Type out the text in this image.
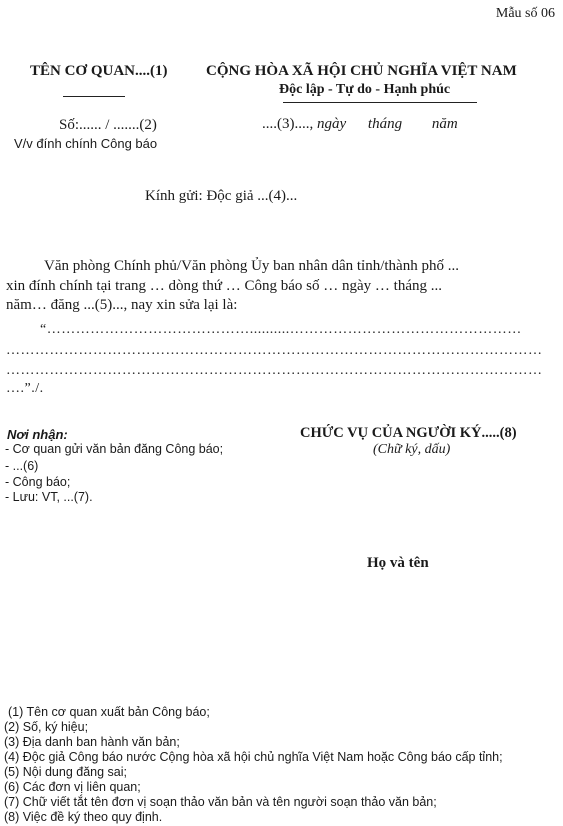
Mẫu số 06
TÊN CƠ QUAN....(1)
Số:...... / .......(2)
V/v đính chính Công báo
CỘNG HÒA XÃ HỘI CHỦ NGHĨA VIỆT NAM
Độc lập - Tự do - Hạnh phúc
....(3)...., ngày tháng năm
Kính gửi: Độc giả ...(4)...
Văn phòng Chính phủ/Văn phòng Ủy ban nhân dân tỉnh/thành phố ...
xin đính chính tại trang … dòng thứ … Công báo số … ngày … tháng ...
năm… đăng ...(5)..., nay xin sửa lại là:
“……………………………………..........…………………………………………
…………………………………………………………………………………………………
…………………………………………………………………………………………………
….”./.
Nơi nhận:
- Cơ quan gửi văn bản đăng Công báo;
- ...(6)
- Công báo;
- Lưu: VT, ...(7).
CHỨC VỤ CỦA NGƯỜI KÝ.....(8)
(Chữ ký, dấu)
Họ và tên
(1) Tên cơ quan xuất bản Công báo;
(2) Số, ký hiệu;
(3) Địa danh ban hành văn bản;
(4) Độc giả Công báo nước Cộng hòa xã hội chủ nghĩa Việt Nam hoặc Công báo cấp tỉnh;
(5) Nội dung đăng sai;
(6) Các đơn vị liên quan;
(7) Chữ viết tắt tên đơn vị soạn thảo văn bản và tên người soạn thảo văn bản;
(8) Việc đề ký theo quy định.
